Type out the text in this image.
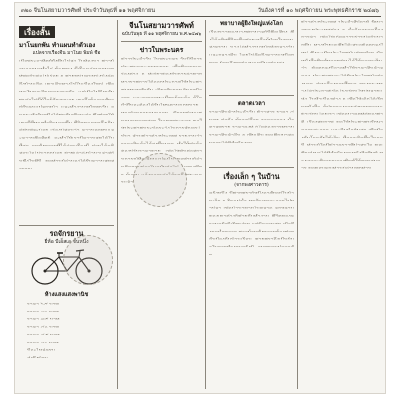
๓๒๐ จีนโนสยามวารศัพท์ ประจำวันพุธที่ ๑๑ พฤศจิกายน	วันอังคารที่ ๑๐ พฤศจิกายน พระพุทธศักราช ๒๔๗๖
เรื่องสั้น
มาโนยกพัน ทำแผนทำตัวเอง
แปลจากเรื่องจีน มาโนย พิมพ์ ชื่อ
เมื่อพระอาทิตย์ยังขึ้นไม่สูง ในท้องนา ชาวบ้านออกมาทำไร่ ข้างทาง มีเรื่องเล่ามากมาย ที่พูดกันต่อไปเรื่อย ๆ ชายหนุ่มคนหนึ่งนั่งคิดถึงบ้านเกิด เขาเดินทางไปในเมืองใหญ่ เพื่อหาเงินมาเลี้ยงดูครอบครัว แต่เมื่อไปถึงกลับพบว่าไม่มีผู้ใดรู้จักเขาเลย เขาจึงต้องอาศัยอยู่กับคนแปลกหน้า และทำงานหนักทุกวัน จนกระทั่งวันหนึ่งได้พบกับเพื่อนเก่า ซึ่งช่วยให้เขามีที่ทางทำกินมากขึ้น ชีวิตของเขาจึงเริ่มดีขึ้นทีละน้อย เรื่องนี้สอนว่า ความอดทนและความซื่อสัตย์ จะทำให้เรามีความสุขได้ในที่สุด คนทั้งหลายที่ได้อ่านเรื่องนี้ ย่อมได้คติสอนใจไม่มากก็น้อย ข้าพเจ้าจึงนำมาเล่าสู่กันฟังในที่นี้ ขอท่านผู้อ่านจงได้รับความสุขสำราญ
รถจักรยาน
ยี่ห้อ บีเอ็สเอ ชั้นหนึ่ง
ห้างแสงแสงพานิช
ราคา ๖๕ บาท
ราคา ๗๐ บาท
ราคา ๗๕ บาท
ราคา ๘๐ บาท
ราคา ๘๕ บาท
ราคา ๙๐ บาท
มีอะไหล่ครบ
ส่งถึงบ้าน
จีนโนสยามวารศัพท์
ฉบับวันพุธ ที่ ๑๑ พฤศจิกายน พ.ศ.๒๔๗๖
ข่าวในพระนคร
ข่าวประจำวัน ในพระนคร วันนี้มีการประชุมคณะกรรมการ เพื่อพิจารณาเรื่องต่าง ๆ ที่เกี่ยวข้องกับการค้าขาย ทางราชการได้ออกประกาศให้ประชาชนทราบทั่วกัน เกี่ยวกับการเก็บภาษีอากร และการจดทะเบียนร้านค้า ผู้ใดฝ่าฝืนจะต้องได้รับโทษตามกฎหมาย ทางด้านการคมนาคม มีการซ่อมแซมถนนหลายสาย ในเขตพระนคร ขอให้ประชาชนระมัดระวังในการสัญจรไปมา ส่วนข่าวต่างประเทศ รายงานว่าราคาสินค้าได้สูงขึ้นมาก ทำให้พ่อค้าต้องปรับราคาขาย เพื่อให้ทันต่อสถานการณ์ที่เปลี่ยนแปลงไป ขอท่านผู้อ่านติดตามข่าวในฉบับต่อไป นายเสถียร ผู้แทน แจ้งความว่าได้มาถึงพระนครแล้ว
พยาบาลผู้ยิ่งใหญ่แห่งโลก
เรื่องราวของนางพยาบาลผู้มีชื่อเสียง ซึ่งได้อุทิศชีวิตเพื่อช่วยเหลือผู้ป่วยในยามสงคราม นางได้ทำงานหนักทั้งกลางวันและกลางคืน โดยไม่คิดถึงความเหนื่อยยาก ผู้คนจึงยกย่องนางเป็นอย่างสูง
ตลาดเวลา
ราคาสินค้าประจำวัน ข้าวสาร ราคา ๘ บาท ต่อถัง ข้าวเปลือก ราคาลดลง น้ำตาลทราย ราคาคงที่ ผู้ใดต้องการทราบราคาสินค้าอื่น ๆ เพิ่มเติม ขอเชิญมาสอบถามได้ที่สำนักงาน
เรื่องเล็ก ๆ ในบ้าน
(จากพงศาวดาร)
ครั้งหนึ่ง มีชายชราผู้หนึ่งอาศัยอยู่ในบ้านเล็ก ๆ ริมแม่น้ำ ทุกวันเขาจะออกไปหาปลา เพื่อนำมาขายในตลาด ลูกหลานของเขาต่างก็ช่วยกันทำงาน ชีวิตของครอบครัวนี้เรียบง่าย แต่มีความสุข เมื่อถึงฤดูน้ำหลาก ชาวบ้านทั้งหลายต้องช่วยกันป้องกันบ้านเรือน ชายชราจึงเป็นผู้นำในการทำงานครั้งนี้ จนทุกคนปลอดภัย
ข่าวต่างประเทศ ประจำสัปดาห์ รัฐบาลของประเทศต่าง ๆ กำลังเจรจาเรื่องการค้า เพื่อให้เกิดความร่วมมือกันมากขึ้น ทางฝ่ายเอเชียได้เสนอข้อตกลงใหม่ ซึ่งจะเป็นประโยชน์แก่ทุกฝ่าย นักหนังสือพิมพ์หลายท่านได้ให้ความเห็นว่า ข้อตกลงนี้อาจทำให้ราคาสินค้าลดลง ประชาชนจะได้รับประโยชน์อย่างมาก ส่วนเรื่องการศึกษา ทางกระทรวงได้ประกาศเปิดโรงเรียนใหม่หลายแห่ง ในหัวเมืองต่าง ๆ เพื่อให้เด็กได้เรียนหนังสือ ผู้ปกครองควรส่งบุตรหลานเข้าเรียนโดยเร็ว เพื่ออนาคตที่ดีของชาติ เรื่องสุขภาพ ขอให้ประชาชนรักษาความสะอาด และดื่มน้ำต้มสุก เพื่อป้องกันโรคภัยไข้เจ็บ ที่อาจเกิดขึ้นในฤดูนี้ ท่านผู้ใดมีข่าวคราวที่น่าสนใจ ขอเชิญส่งมาได้ที่สำนักงานหนังสือพิมพ์ ทางเราจะพิจารณาลงพิมพ์ให้ตามสมควร ขอขอบคุณท่านผู้อ่านทุกท่าน
